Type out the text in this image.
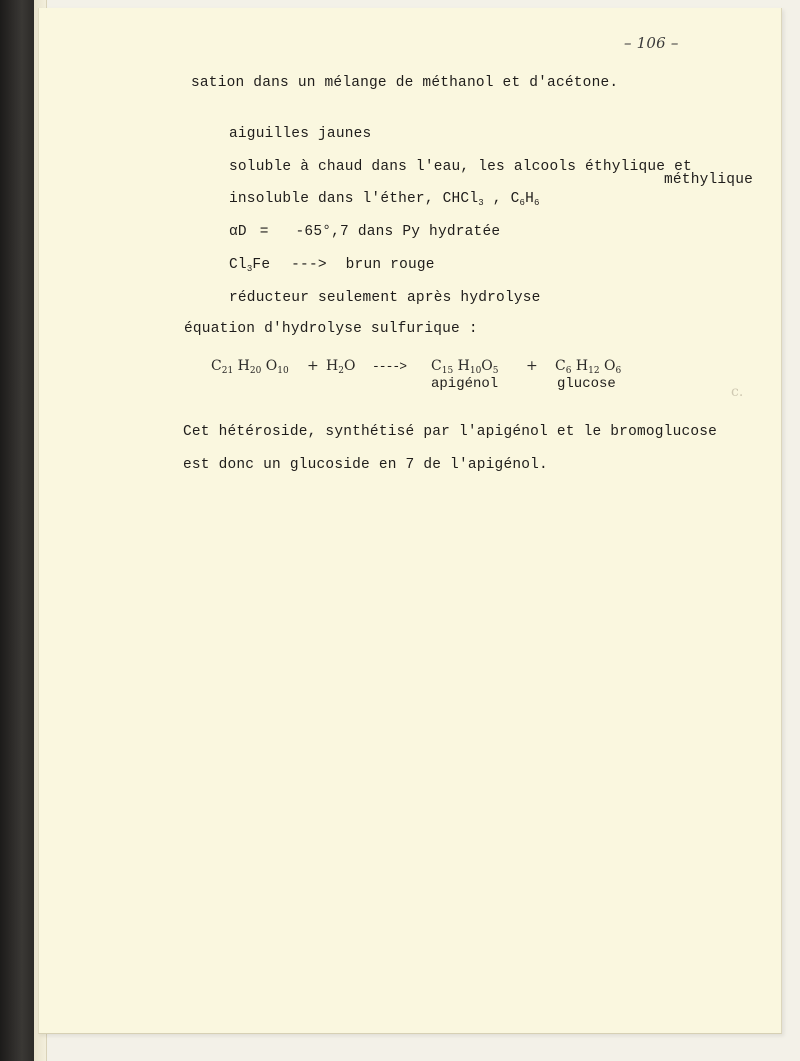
– 106 –
sation dans un mélange de méthanol et d'acétone.
aiguilles jaunes
soluble à chaud dans l'eau, les alcools éthylique et
méthylique
insoluble dans l'éther, CHCl$_3$ , $C_6H_6$
αD = -65°,7 dans Py hydratée
$Cl_3Fe$ ---> brun rouge
réducteur seulement après hydrolyse
équation d'hydrolyse sulfurique :
$C_{21}$ $H_{20}$ $O_{10} + H_2O$ ----> $C_{15}$ $H_{10}O_5$
apigénol
+ $C_6$ $H_{12}$ $O_6$
glucose
Cet hétéroside, synthétisé par l'apigénol et le bromoglucose
est donc un glucoside en 7 de l'apigénol.
c.
